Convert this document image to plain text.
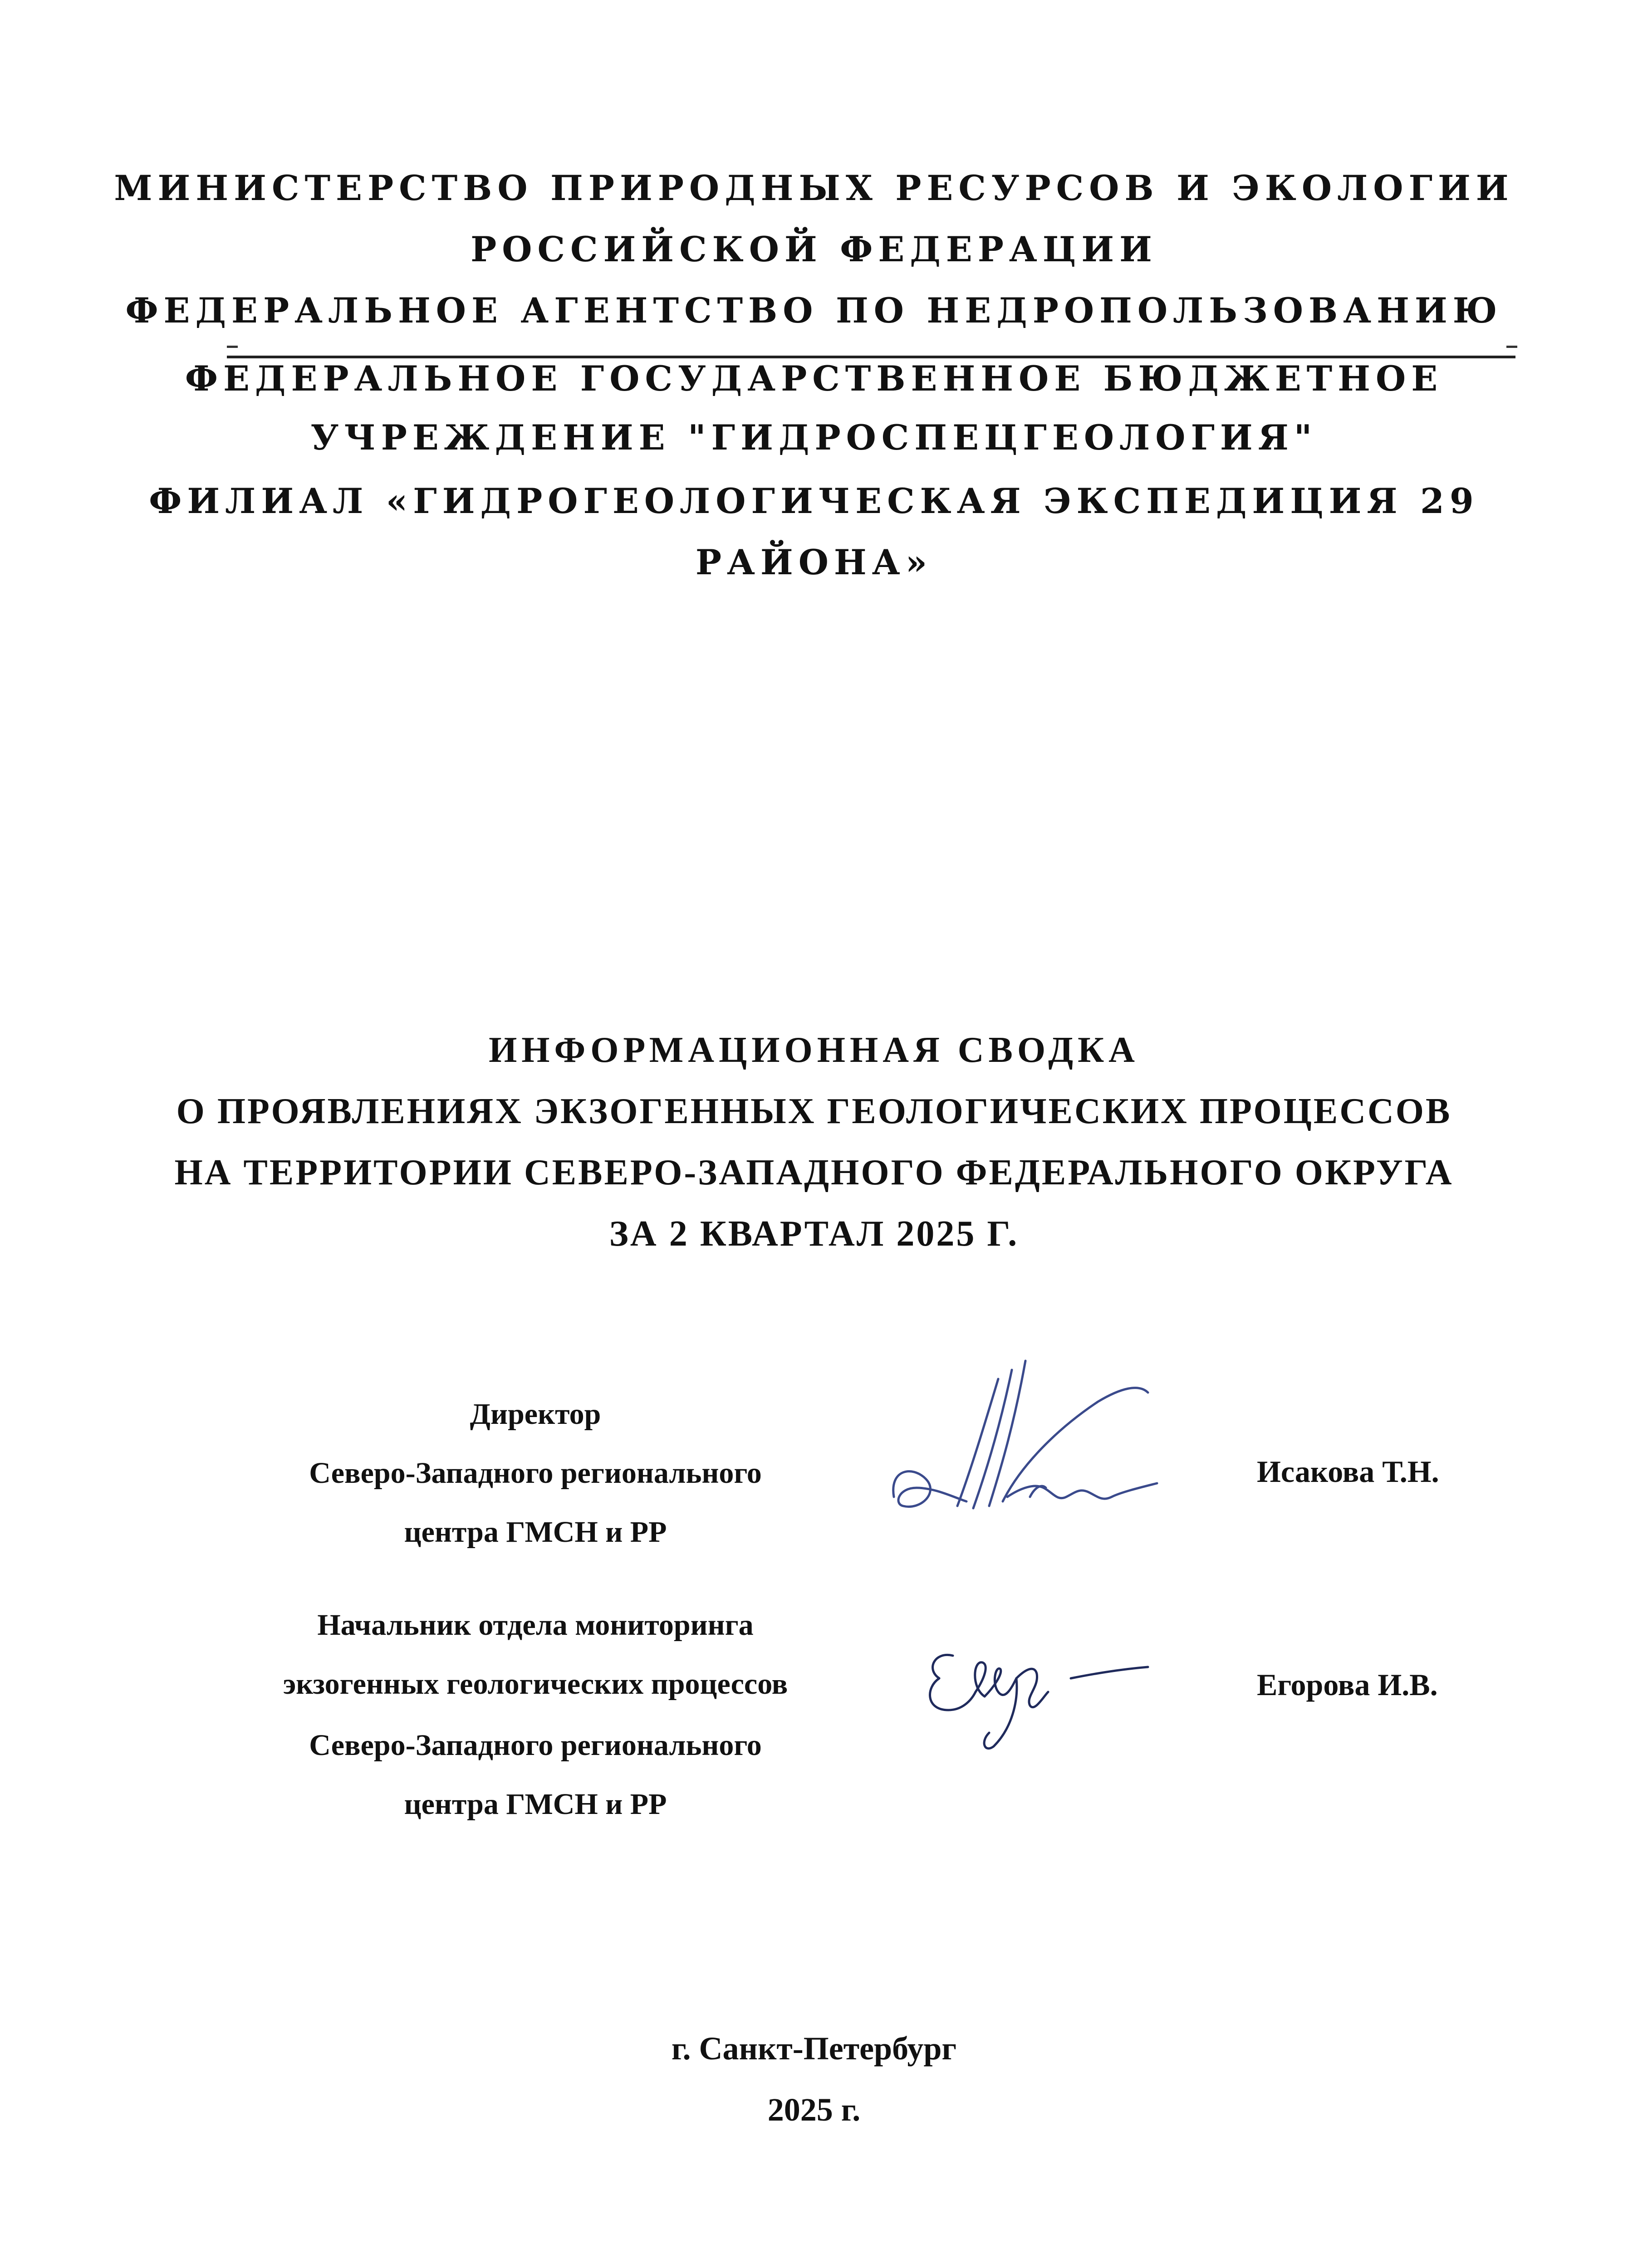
МИНИСТЕРСТВО ПРИРОДНЫХ РЕСУРСОВ И ЭКОЛОГИИ
РОССИЙСКОЙ ФЕДЕРАЦИИ
ФЕДЕРАЛЬНОЕ АГЕНТСТВО ПО НЕДРОПОЛЬЗОВАНИЮ
ФЕДЕРАЛЬНОЕ ГОСУДАРСТВЕННОЕ БЮДЖЕТНОЕ
УЧРЕЖДЕНИЕ "ГИДРОСПЕЦГЕОЛОГИЯ"
ФИЛИАЛ «ГИДРОГЕОЛОГИЧЕСКАЯ ЭКСПЕДИЦИЯ 29
РАЙОНА»
ИНФОРМАЦИОННАЯ СВОДКА
О ПРОЯВЛЕНИЯХ ЭКЗОГЕННЫХ ГЕОЛОГИЧЕСКИХ ПРОЦЕССОВ
НА ТЕРРИТОРИИ СЕВЕРО-ЗАПАДНОГО ФЕДЕРАЛЬНОГО ОКРУГА
ЗА 2 КВАРТАЛ 2025 Г.
Директор
Северо-Западного регионального
центра ГМСН и РР
Исакова Т.Н.
Начальник отдела мониторинга
экзогенных геологических процессов
Северо-Западного регионального
центра ГМСН и РР
Егорова И.В.
г. Санкт-Петербург
2025 г.
